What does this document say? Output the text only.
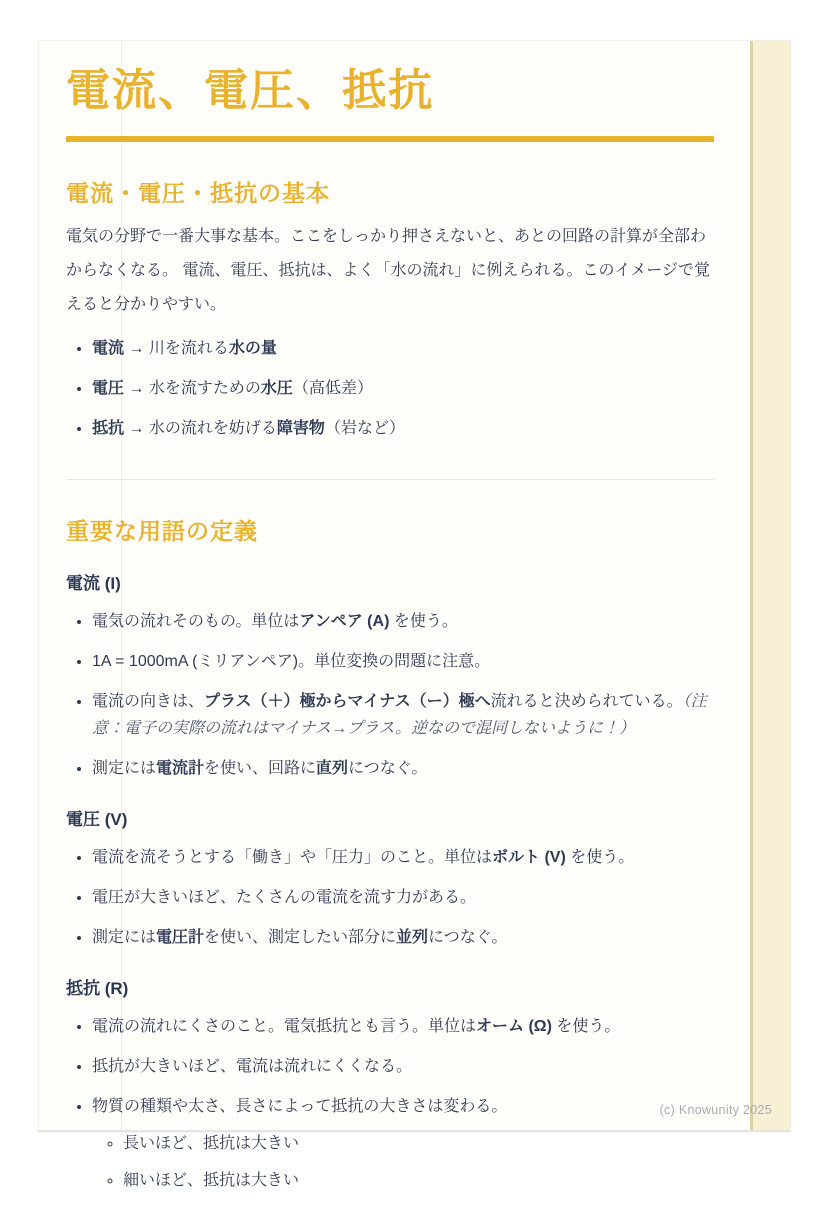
電流、電圧、抵抗
電流・電圧・抵抗の基本

電気の分野で一番大事な基本。ここをしっかり押さえないと、あとの回路の計算が全部わからなくなる。 電流、電圧、抵抗は、よく「水の流れ」に例えられる。このイメージで覚えると分かりやすい。

• 電流 → 川を流れる水の量
• 電圧 → 水を流すための水圧（高低差）
• 抵抗 → 水の流れを妨げる障害物（岩など）
重要な用語の定義
電流 (I)
• 電気の流れそのもの。単位はアンペア (A) を使う。
• 1A = 1000mA (ミリアンペア)。単位変換の問題に注意。
• 電流の向きは、プラス（＋）極からマイナス（ー）極へ流れると決められている。（注意：電子の実際の流れはマイナス→プラス。逆なので混同しないように！）
• 測定には電流計を使い、回路に直列につなぐ。
電圧 (V)
• 電流を流そうとする「働き」や「圧力」のこと。単位はボルト (V) を使う。
• 電圧が大きいほど、たくさんの電流を流す力がある。
• 測定には電圧計を使い、測定したい部分に並列につなぐ。
抵抗 (R)
• 電流の流れにくさのこと。電気抵抗とも言う。単位はオーム (Ω) を使う。
• 抵抗が大きいほど、電流は流れにくくなる。
• 物質の種類や太さ、長さによって抵抗の大きさは変わる。
◦ 長いほど、抵抗は大きい
◦ 細いほど、抵抗は大きい
(c) Knowunity 2025
